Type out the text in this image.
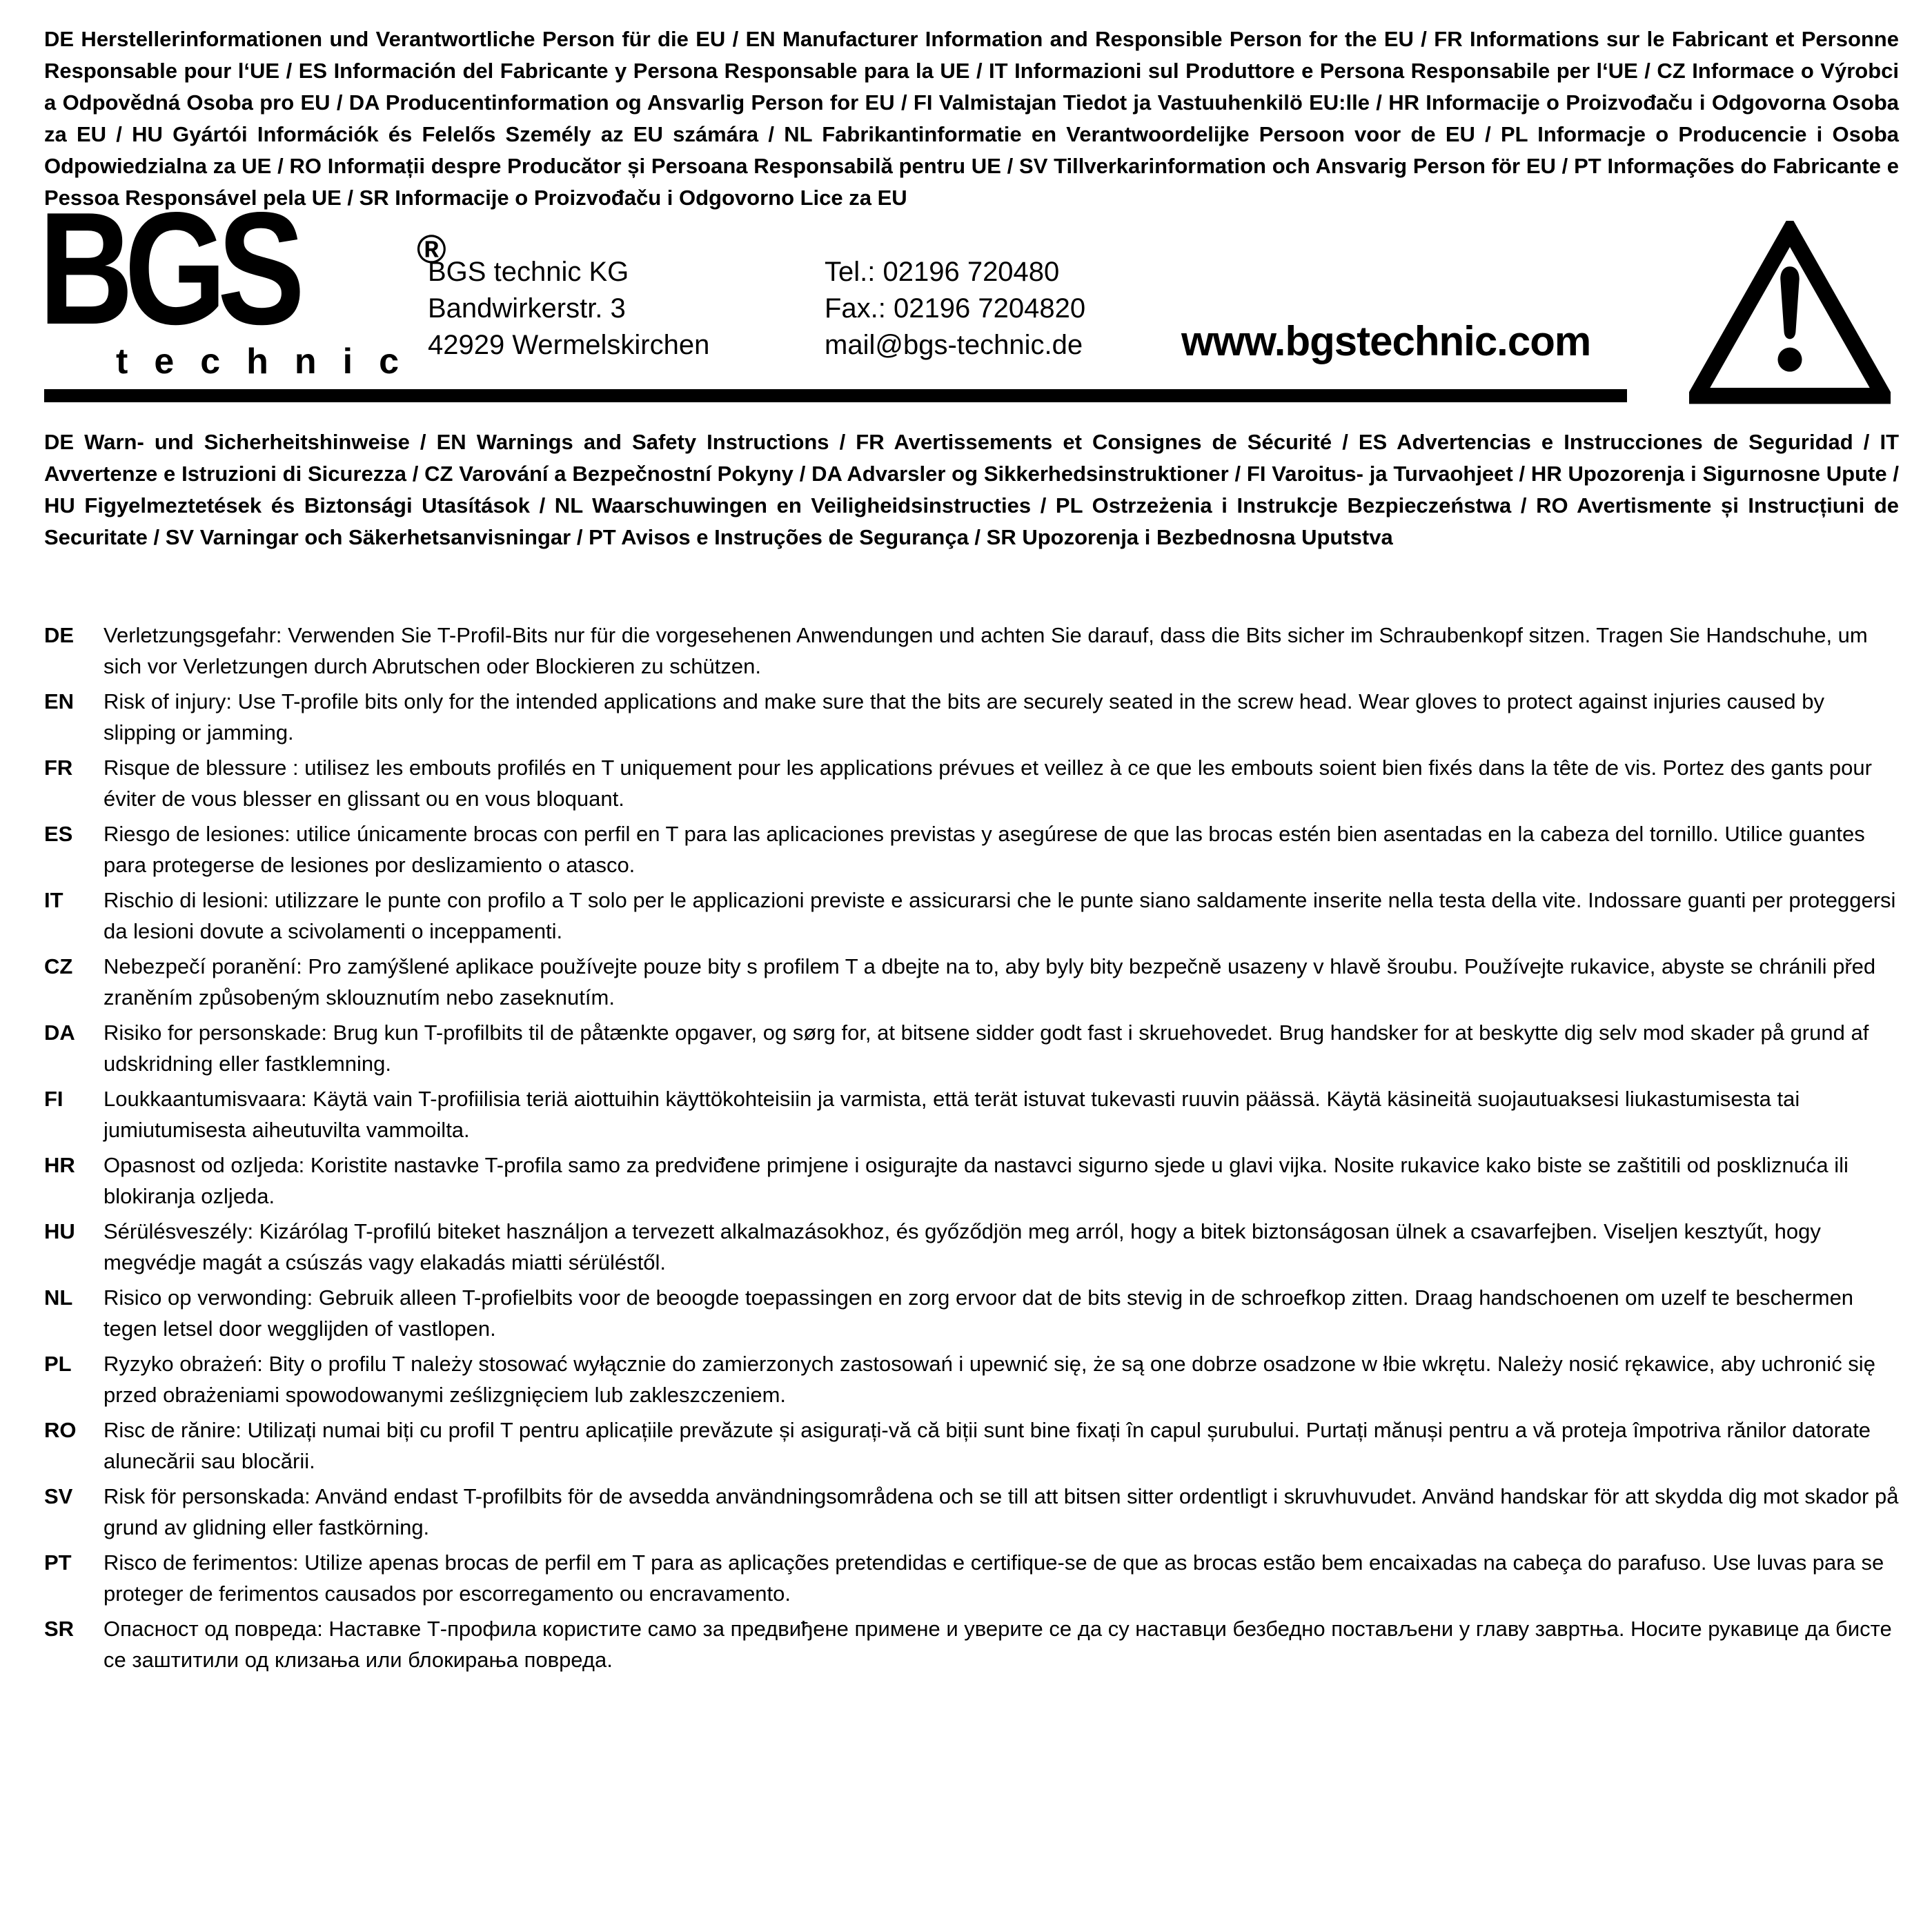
DE Herstellerinformationen und Verantwortliche Person für die EU / EN Manufacturer Information and Responsible Person for the EU / FR Informations sur le Fabricant et Personne Responsable pour l‘UE / ES Información del Fabricante y Persona Responsable para la UE / IT Informazioni sul Produttore e Persona Responsabile per l‘UE / CZ Informace o Výrobci a Odpovědná Osoba pro EU / DA Producentinformation og Ansvarlig Person for EU / FI Valmistajan Tiedot ja Vastuuhenkilö EU:lle / HR Informacije o Proizvođaču i Odgovorna Osoba za EU / HU Gyártói Információk és Felelős Személy az EU számára / NL Fabrikantinformatie en Verantwoordelijke Persoon voor de EU / PL Informacje o Producencie i Osoba Odpowiedzialna za UE / RO Informații despre Producător și Persoana Responsabilă pentru UE / SV Tillverkarinformation och Ansvarig Person för EU / PT Informações do Fabricante e Pessoa Responsável pela UE / SR Informacije o Proizvođaču i Odgovorno Lice za EU
BGS	®
technic
BGS technic KG
Bandwirkerstr. 3
42929 Wermelskirchen
Tel.: 02196 720480
Fax.: 02196 7204820
mail@bgs-technic.de www.bgstechnic.com
DE Warn- und Sicherheitshinweise / EN Warnings and Safety Instructions / FR Avertissements et Consignes de Sécurité / ES Advertencias e Instrucciones de Seguridad / IT Avvertenze e Istruzioni di Sicurezza / CZ Varování a Bezpečnostní Pokyny / DA Advarsler og Sikkerhedsinstruktioner / FI Varoitus- ja Turvaohjeet / HR Upozorenja i Sigurnosne Upute / HU Figyelmeztetések és Biztonsági Utasítások / NL Waarschuwingen en Veiligheidsinstructies / PL Ostrzeżenia i Instrukcje Bezpieczeństwa / RO Avertismente și Instrucțiuni de Securitate / SV Varningar och Säkerhetsanvisningar / PT Avisos e Instruções de Segurança / SR Upozorenja i Bezbednosna Uputstva
DE	Verletzungsgefahr: Verwenden Sie T-Profil-Bits nur für die vorgesehenen Anwendungen und achten Sie darauf, dass die Bits sicher im Schraubenkopf sitzen. Tragen Sie Handschuhe, um sich vor Verletzungen durch Abrutschen oder Blockieren zu schützen.
EN	Risk of injury: Use T-profile bits only for the intended applications and make sure that the bits are securely seated in the screw head. Wear gloves to protect against injuries caused by slipping or jamming.
FR	Risque de blessure : utilisez les embouts profilés en T uniquement pour les applications prévues et veillez à ce que les embouts soient bien fixés dans la tête de vis. Portez des gants pour éviter de vous blesser en glissant ou en vous bloquant.
ES	Riesgo de lesiones: utilice únicamente brocas con perfil en T para las aplicaciones previstas y asegúrese de que las brocas estén bien asentadas en la cabeza del tornillo. Utilice guantes para protegerse de lesiones por deslizamiento o atasco.
IT	Rischio di lesioni: utilizzare le punte con profilo a T solo per le applicazioni previste e assicurarsi che le punte siano saldamente inserite nella testa della vite. Indossare guanti per proteggersi da lesioni dovute a scivolamenti o inceppamenti.
CZ	Nebezpečí poranění: Pro zamýšlené aplikace používejte pouze bity s profilem T a dbejte na to, aby byly bity bezpečně usazeny v hlavě šroubu. Používejte rukavice, abyste se chránili před zraněním způsobeným sklouznutím nebo zaseknutím.
DA	Risiko for personskade: Brug kun T-profilbits til de påtænkte opgaver, og sørg for, at bitsene sidder godt fast i skruehovedet. Brug handsker for at beskytte dig selv mod skader på grund af udskridning eller fastklemning.
FI	Loukkaantumisvaara: Käytä vain T-profiilisia teriä aiottuihin käyttökohteisiin ja varmista, että terät istuvat tukevasti ruuvin päässä. Käytä käsineitä suojautuaksesi liukastumisesta tai jumiutumisesta aiheutuvilta vammoilta.
HR	Opasnost od ozljeda: Koristite nastavke T-profila samo za predviđene primjene i osigurajte da nastavci sigurno sjede u glavi vijka. Nosite rukavice kako biste se zaštitili od poskliznuća ili blokiranja ozljeda.
HU	Sérülésveszély: Kizárólag T-profilú biteket használjon a tervezett alkalmazásokhoz, és győződjön meg arról, hogy a bitek biztonságosan ülnek a csavarfejben. Viseljen kesztyűt, hogy megvédje magát a csúszás vagy elakadás miatti sérüléstől.
NL	Risico op verwonding: Gebruik alleen T-profielbits voor de beoogde toepassingen en zorg ervoor dat de bits stevig in de schroefkop zitten. Draag handschoenen om uzelf te beschermen tegen letsel door wegglijden of vastlopen.
PL	Ryzyko obrażeń: Bity o profilu T należy stosować wyłącznie do zamierzonych zastosowań i upewnić się, że są one dobrze osadzone w łbie wkrętu. Należy nosić rękawice, aby uchronić się przed obrażeniami spowodowanymi ześlizgnięciem lub zakleszczeniem.
RO	Risc de rănire: Utilizați numai biți cu profil T pentru aplicațiile prevăzute și asigurați-vă că biții sunt bine fixați în capul șurubului. Purtați mănuși pentru a vă proteja împotriva rănilor datorate alunecării sau blocării.
SV	Risk för personskada: Använd endast T-profilbits för de avsedda användningsområdena och se till att bitsen sitter ordentligt i skruvhuvudet. Använd handskar för att skydda dig mot skador på grund av glidning eller fastkörning.
PT	Risco de ferimentos: Utilize apenas brocas de perfil em T para as aplicações pretendidas e certifique-se de que as brocas estão bem encaixadas na cabeça do parafuso. Use luvas para se proteger de ferimentos causados por escorregamento ou encravamento.
SR	Опасност од повреда: Наставке Т-профила користите само за предвиђене примене и уверите се да су наставци безбедно постављени у главу завртња. Носите рукавице да бисте се заштитили од клизања или блокирања повреда.
